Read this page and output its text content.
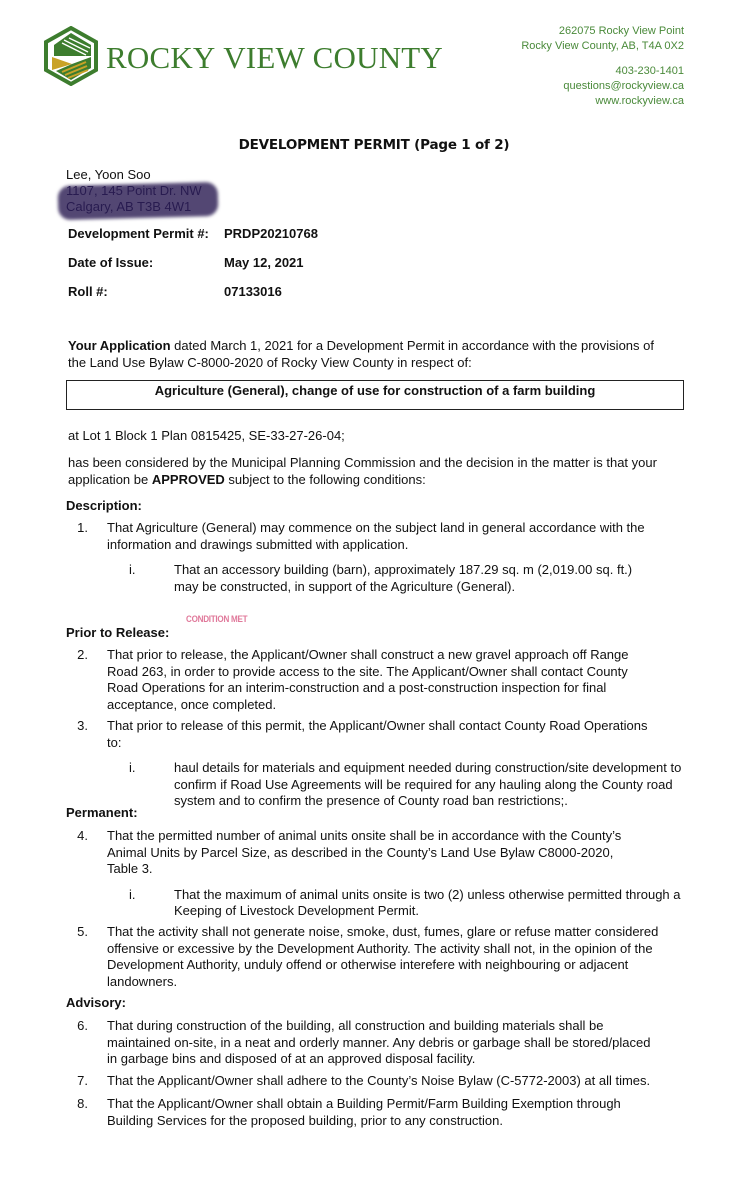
ROCKY VIEW COUNTY
262075 Rocky View Point
Rocky View County, AB, T4A 0X2
403-230-1401
questions@rockyview.ca
www.rockyview.ca
DEVELOPMENT PERMIT (Page 1 of 2)
Lee, Yoon Soo
Development Permit #:	PRDP20210768
Date of Issue:	May 12, 2021
Roll #:	07133016
Your Application dated March 1, 2021 for a Development Permit in accordance with the provisions of
the Land Use Bylaw C-8000-2020 of Rocky View County in respect of:
Agriculture (General), change of use for construction of a farm building
at Lot 1 Block 1 Plan 0815425, SE-33-27-26-04;
has been considered by the Municipal Planning Commission and the decision in the matter is that your
application be APPROVED subject to the following conditions:
Description:
1. That Agriculture (General) may commence on the subject land in general accordance with the
information and drawings submitted with application.
i.	That an accessory building (barn), approximately 187.29 sq. m (2,019.00 sq. ft.)
may be constructed, in support of the Agriculture (General).
CONDITION MET
Prior to Release:
2. That prior to release, the Applicant/Owner shall construct a new gravel approach off Range
Road 263, in order to provide access to the site. The Applicant/Owner shall contact County
Road Operations for an interim-construction and a post-construction inspection for final
acceptance, once completed.
3. That prior to release of this permit, the Applicant/Owner shall contact County Road Operations
to:
i.	haul details for materials and equipment needed during construction/site development to
confirm if Road Use Agreements will be required for any hauling along the County road
system and to confirm the presence of County road ban restrictions;.
Permanent:
4. That the permitted number of animal units onsite shall be in accordance with the County’s
Animal Units by Parcel Size, as described in the County’s Land Use Bylaw C8000-2020,
Table 3.
i.	That the maximum of animal units onsite is two (2) unless otherwise permitted through a
Keeping of Livestock Development Permit.
5. That the activity shall not generate noise, smoke, dust, fumes, glare or refuse matter considered
offensive or excessive by the Development Authority. The activity shall not, in the opinion of the
Development Authority, unduly offend or otherwise interefere with neighbouring or adjacent
landowners.
Advisory:
6. That during construction of the building, all construction and building materials shall be
maintained on-site, in a neat and orderly manner. Any debris or garbage shall be stored/placed
in garbage bins and disposed of at an approved disposal facility.
7. That the Applicant/Owner shall adhere to the County’s Noise Bylaw (C-5772-2003) at all times.
8. That the Applicant/Owner shall obtain a Building Permit/Farm Building Exemption through
Building Services for the proposed building, prior to any construction.
